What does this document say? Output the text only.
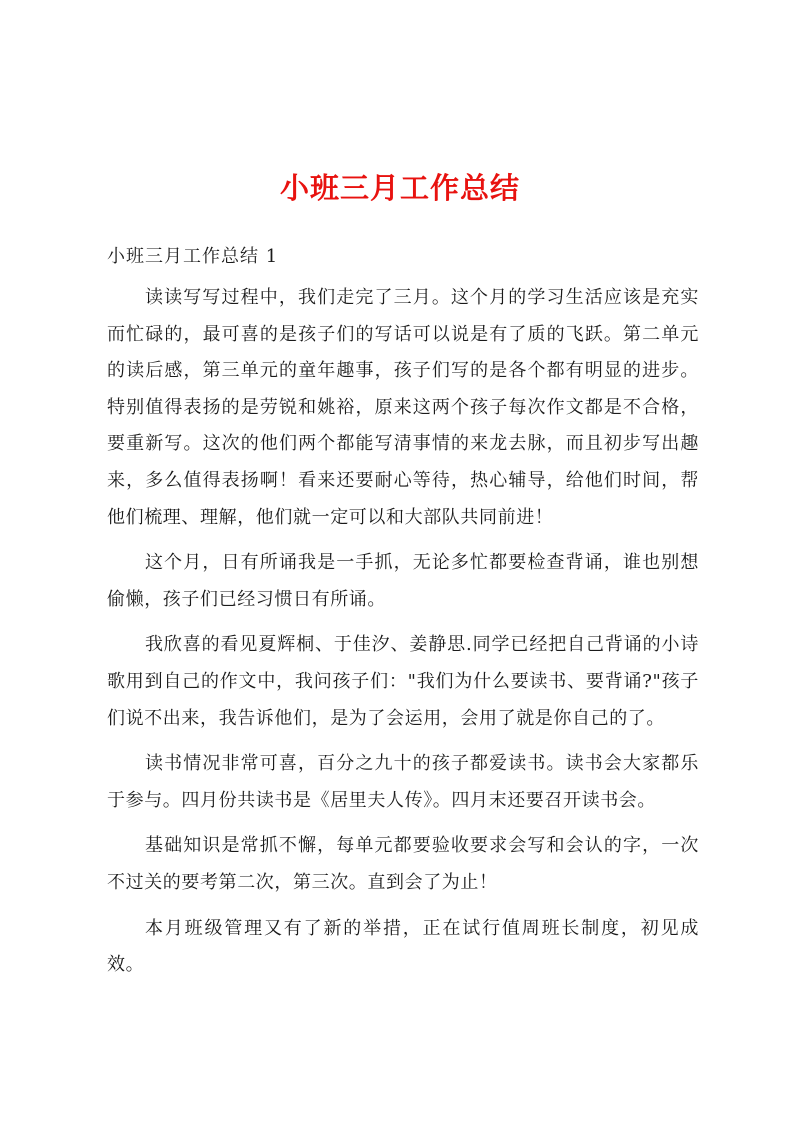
小班三月工作总结

小班三月工作总结 1

读读写写过程中，我们走完了三月。这个月的学习生活应该是充实而忙碌的，最可喜的是孩子们的写话可以说是有了质的飞跃。第二单元的读后感，第三单元的童年趣事，孩子们写的是各个都有明显的进步。特别值得表扬的是劳锐和姚裕，原来这两个孩子每次作文都是不合格，要重新写。这次的他们两个都能写清事情的来龙去脉，而且初步写出趣来，多么值得表扬啊！看来还要耐心等待，热心辅导，给他们时间，帮他们梳理、理解，他们就一定可以和大部队共同前进！

这个月，日有所诵我是一手抓，无论多忙都要检查背诵，谁也别想偷懒，孩子们已经习惯日有所诵。

我欣喜的看见夏辉桐、于佳汐、姜静思.同学已经把自己背诵的小诗歌用到自己的作文中，我问孩子们："我们为什么要读书、要背诵?"孩子们说不出来，我告诉他们，是为了会运用，会用了就是你自己的了。

读书情况非常可喜，百分之九十的孩子都爱读书。读书会大家都乐于参与。四月份共读书是《居里夫人传》。四月末还要召开读书会。

基础知识是常抓不懈，每单元都要验收要求会写和会认的字，一次不过关的要考第二次，第三次。直到会了为止！

本月班级管理又有了新的举措，正在试行值周班长制度，初见成效。
